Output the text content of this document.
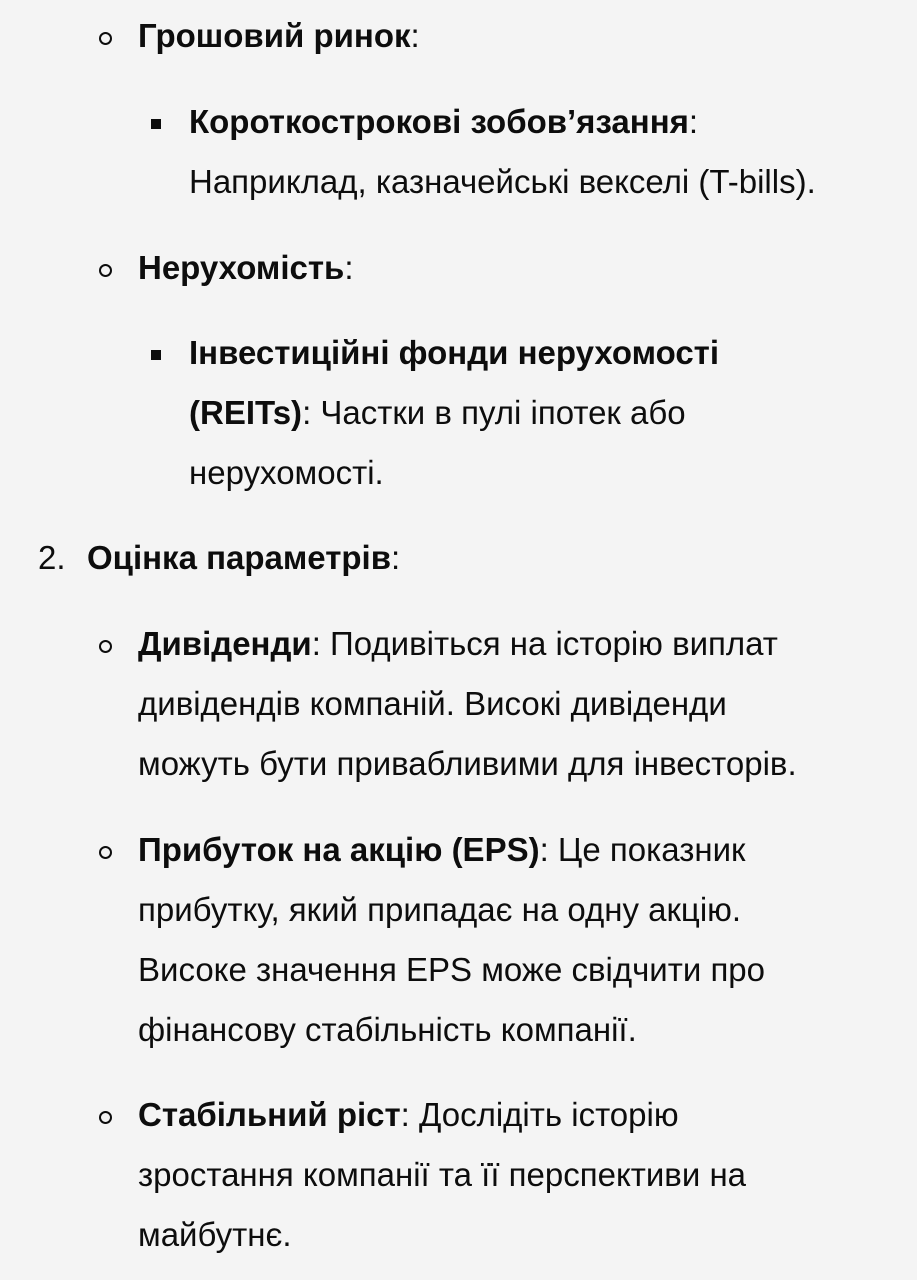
Грошовий ринок:
Короткострокові зобов’язання:
Наприклад, казначейські векселі (T-bills).
Нерухомість:
Інвестиційні фонди нерухомості
(REITs): Частки в пулі іпотек або
нерухомості.
2. Оцінка параметрів:
Дивіденди: Подивіться на історію виплат
дивідендів компаній. Високі дивіденди
можуть бути привабливими для інвесторів.
Прибуток на акцію (EPS): Це показник
прибутку, який припадає на одну акцію.
Високе значення EPS може свідчити про
фінансову стабільність компанії.
Стабільний ріст: Дослідіть історію
зростання компанії та її перспективи на
майбутнє.
